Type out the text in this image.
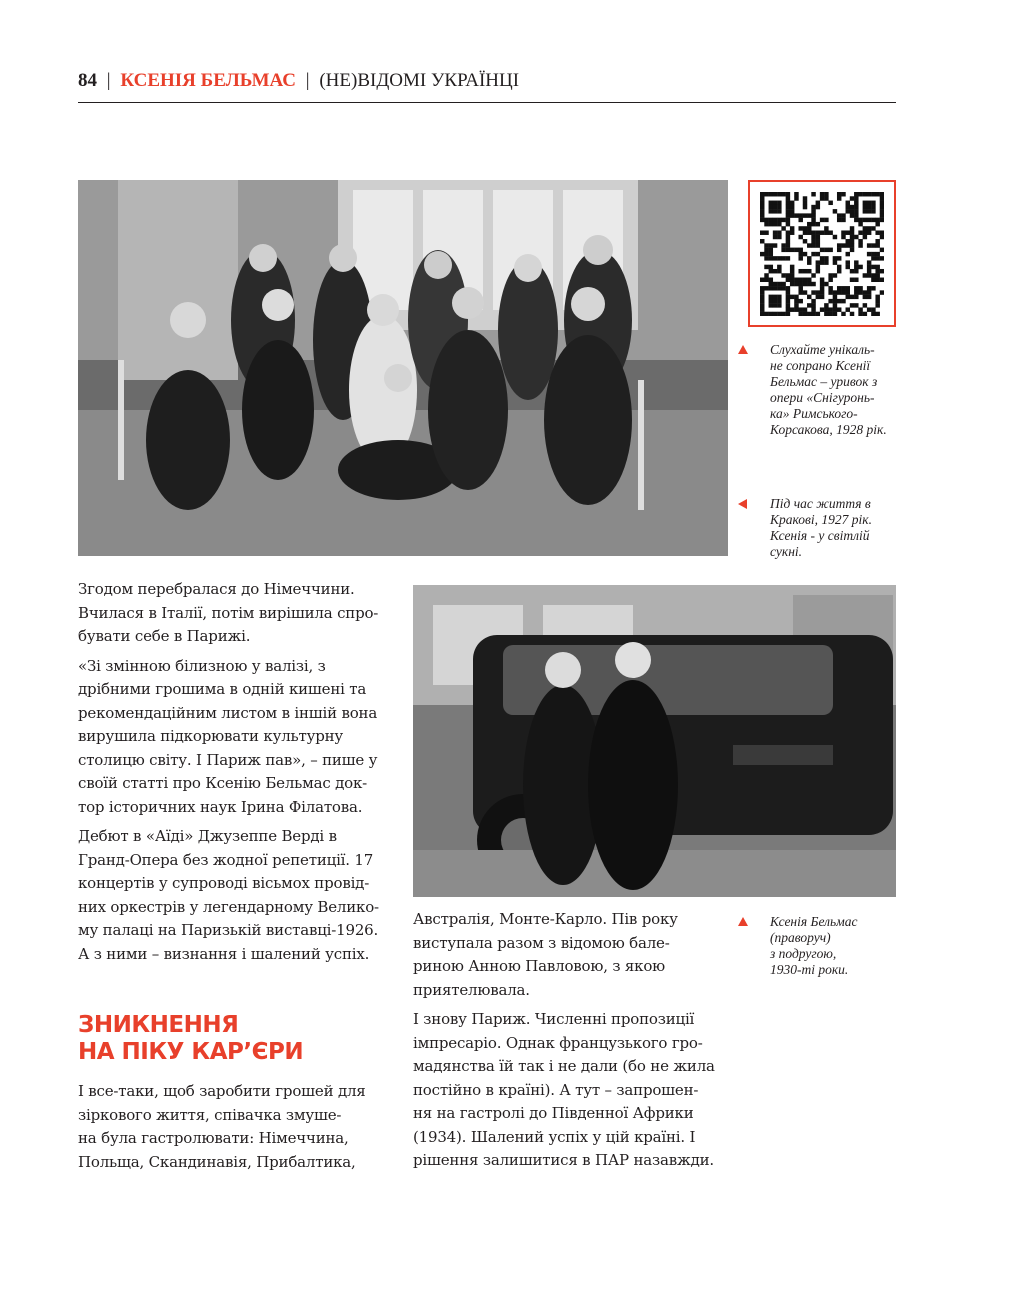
84 | КСЕНІЯ БЕЛЬМАС | (НЕ)ВІДОМІ УКРАЇНЦІ
Слухайте унікаль-
не сопрано Ксенії
Бельмас – уривок з
опери «Снігуронь-
ка» Римського-
Корсакова, 1928 рік.
Під час життя в
Кракові, 1927 рік.
Ксенія - у світлій
сукні.
Ксенія Бельмас
(праворуч)
з подругою,
1930-ті роки.

Згодом перебралася до Німеччини.
Вчилася в Італії, потім вирішила спро-
бувати себе в Парижі.

«Зі змінною білизною у валізі, з
дрібними грошима в одній кишені та
рекомендаційним листом в іншій вона
вирушила підкорювати культурну
столицю світу. І Париж пав», – пише у
своїй статті про Ксенію Бельмас док-
тор історичних наук Ірина Філатова.

Дебют в «Аїді» Джузеппе Верді в
Гранд-Опера без жодної репетиції. 17
концертів у супроводі вісьмох провід-
них оркестрів у легендарному Велико-
му палаці на Паризькій виставці-1926.
А з ними – визнання і шалений успіх.

ЗНИКНЕННЯ
НА ПІКУ КАР’ЄРИ

І все-таки, щоб заробити грошей для
зіркового життя, співачка змуше-
на була гастролювати: Німеччина,
Польща, Скандинавія, Прибалтика,

Австралія, Монте-Карло. Пів року
виступала разом з відомою бале-
риною Анною Павловою, з якою
приятелювала.

І знову Париж. Численні пропозиції
імпресаріо. Однак французького гро-
мадянства їй так і не дали (бо не жила
постійно в країні). А тут – запрошен-
ня на гастролі до Південної Африки
(1934). Шалений успіх у цій країні. І
рішення залишитися в ПАР назавжди.
